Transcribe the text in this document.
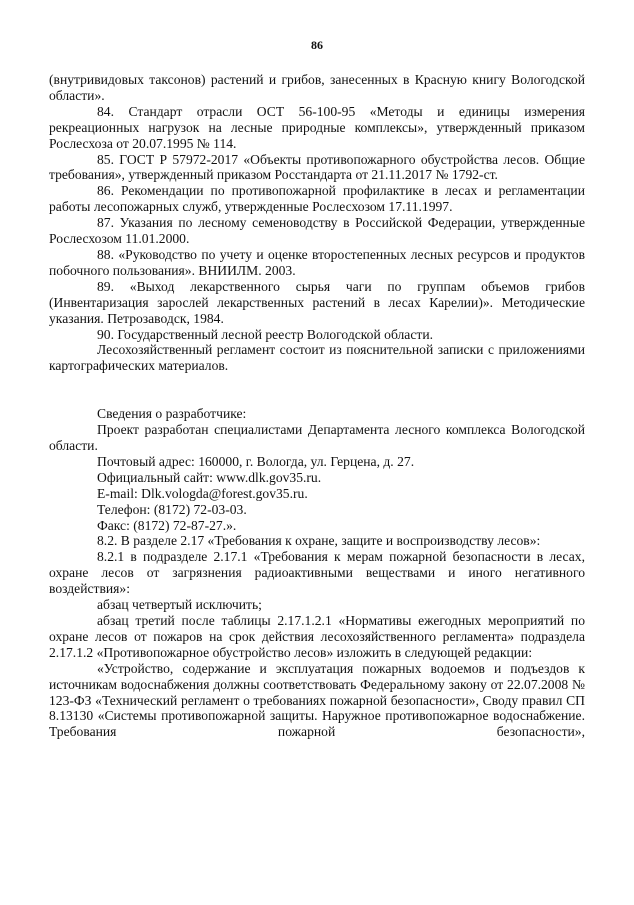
86

(внутривидовых таксонов) растений и грибов, занесенных в Красную книгу Вологодской области».

84. Стандарт отрасли ОСТ 56-100-95 «Методы и единицы измерения рекреационных нагрузок на лесные природные комплексы», утвержденный приказом Рослесхоза от 20.07.1995 № 114.

85. ГОСТ Р 57972-2017 «Объекты противопожарного обустройства лесов. Общие требования», утвержденный приказом Росстандарта от 21.11.2017 № 1792-ст.

86. Рекомендации по противопожарной профилактике в лесах и регламентации работы лесопожарных служб, утвержденные Рослесхозом 17.11.1997.

87. Указания по лесному семеноводству в Российской Федерации, утвержденные Рослесхозом 11.01.2000.

88. «Руководство по учету и оценке второстепенных лесных ресурсов и продуктов побочного пользования». ВНИИЛМ. 2003.

89. «Выход лекарственного сырья чаги по группам объемов грибов (Инвентаризация зарослей лекарственных растений в лесах Карелии)». Методические указания. Петрозаводск, 1984.

90. Государственный лесной реестр Вологодской области.

Лесохозяйственный регламент состоит из пояснительной записки с приложениями картографических материалов.

Сведения о разработчике:

Проект разработан специалистами Департамента лесного комплекса Вологодской области.

Почтовый адрес: 160000, г. Вологда, ул. Герцена, д. 27.

Официальный сайт: www.dlk.gov35.ru.

E-mail: Dlk.vologda@forest.gov35.ru.

Телефон: (8172) 72-03-03.

Факс: (8172) 72-87-27.».

8.2. В разделе 2.17 «Требования к охране, защите и воспроизводству лесов»:

8.2.1 в подразделе 2.17.1 «Требования к мерам пожарной безопасности в лесах, охране лесов от загрязнения радиоактивными веществами и иного негативного воздействия»:

абзац четвертый исключить;

абзац третий после таблицы 2.17.1.2.1 «Нормативы ежегодных мероприятий по охране лесов от пожаров на срок действия лесохозяйственного регламента» подраздела 2.17.1.2 «Противопожарное обустройство лесов» изложить в следующей редакции:

«Устройство, содержание и эксплуатация пожарных водоемов и подъездов к источникам водоснабжения должны соответствовать Федеральному закону от 22.07.2008 № 123-ФЗ «Технический регламент о требованиях пожарной безопасности», Своду правил СП 8.13130 «Системы противопожарной защиты. Наружное противопожарное водоснабжение. Требования пожарной безопасности»,
